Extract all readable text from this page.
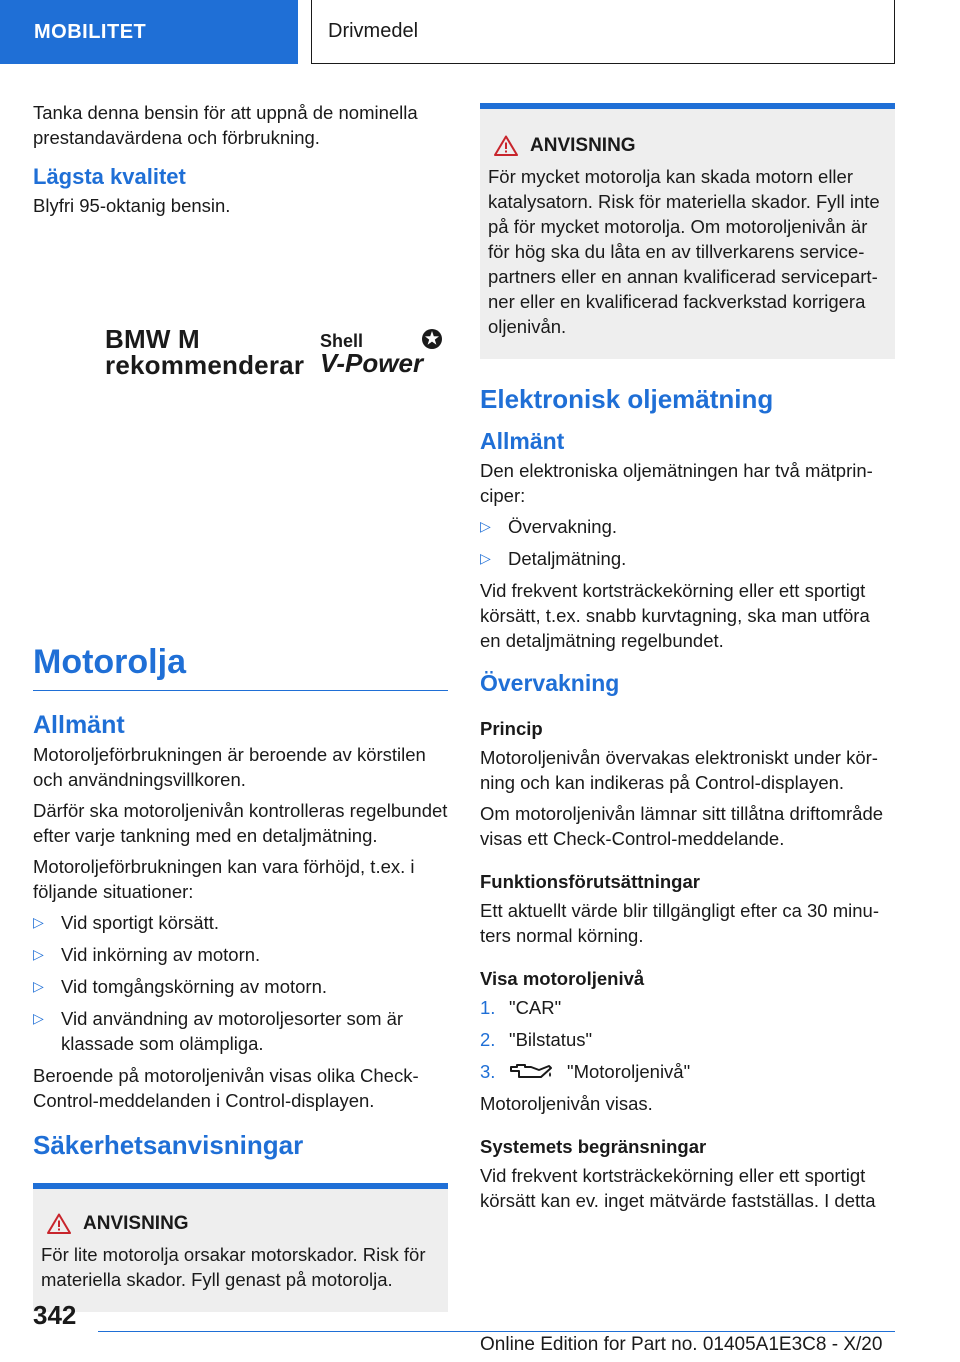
MOBILITET	Drivmedel

Tanka denna bensin för att uppnå de nominella prestandavärdena och förbrukning.

Lägsta kvalitet

Blyfri 95-oktanig bensin.

BMW M
rekommenderar
Shell
V-Power
Motorolja
Allmänt

Motoroljeförbrukningen är beroende av körstilen och användningsvillkoren.

Därför ska motoroljenivån kontrolleras regelbundet efter varje tankning med en detaljmätning.

Motoroljeförbrukningen kan vara förhöjd, t.ex. i följande situationer:

▷ Vid sportigt körsätt.
▷ Vid inkörning av motorn.
▷ Vid tomgångskörning av motorn.
▷ Vid användning av motoroljesorter som är klassade som olämpliga.

Beroende på motoroljenivån visas olika Check-Control-meddelanden i Control-displayen.

Säkerhetsanvisningar
ANVISNING

För lite motorolja orsakar motorskador. Risk för materiella skador. Fyll genast på motorolja.

ANVISNING

För mycket motorolja kan skada motorn eller katalysatorn. Risk för materiella skador. Fyll inte på för mycket motorolja. Om motoroljenivån är för hög ska du låta en av tillverkarens servicepartners eller en annan kvalificerad servicepartner eller en kvalificerad fackverkstad korrigera oljenivån.

Elektronisk oljemätning
Allmänt

Den elektroniska oljemätningen har två mätprinciper:

▷ Övervakning.
▷ Detaljmätning.

Vid frekvent kortsträckekörning eller ett sportigt körsätt, t.ex. snabb kurvtagning, ska man utföra en detaljmätning regelbundet.

Övervakning
Princip

Motoroljenivån övervakas elektroniskt under körning och kan indikeras på Control-displayen.

Om motoroljenivån lämnar sitt tillåtna driftområde visas ett Check-Control-meddelande.

Funktionsförutsättningar

Ett aktuellt värde blir tillgängligt efter ca 30 minuters normal körning.

Visa motoroljenivå
1. "CAR"
2. "Bilstatus"
3.	"Motoroljenivå"

Motoroljenivån visas.

Systemets begränsningar

Vid frekvent kortsträckekörning eller ett sportigt körsätt kan ev. inget mätvärde fastställas. I detta

342
Online Edition for Part no. 01405A1E3C8 - X/20
